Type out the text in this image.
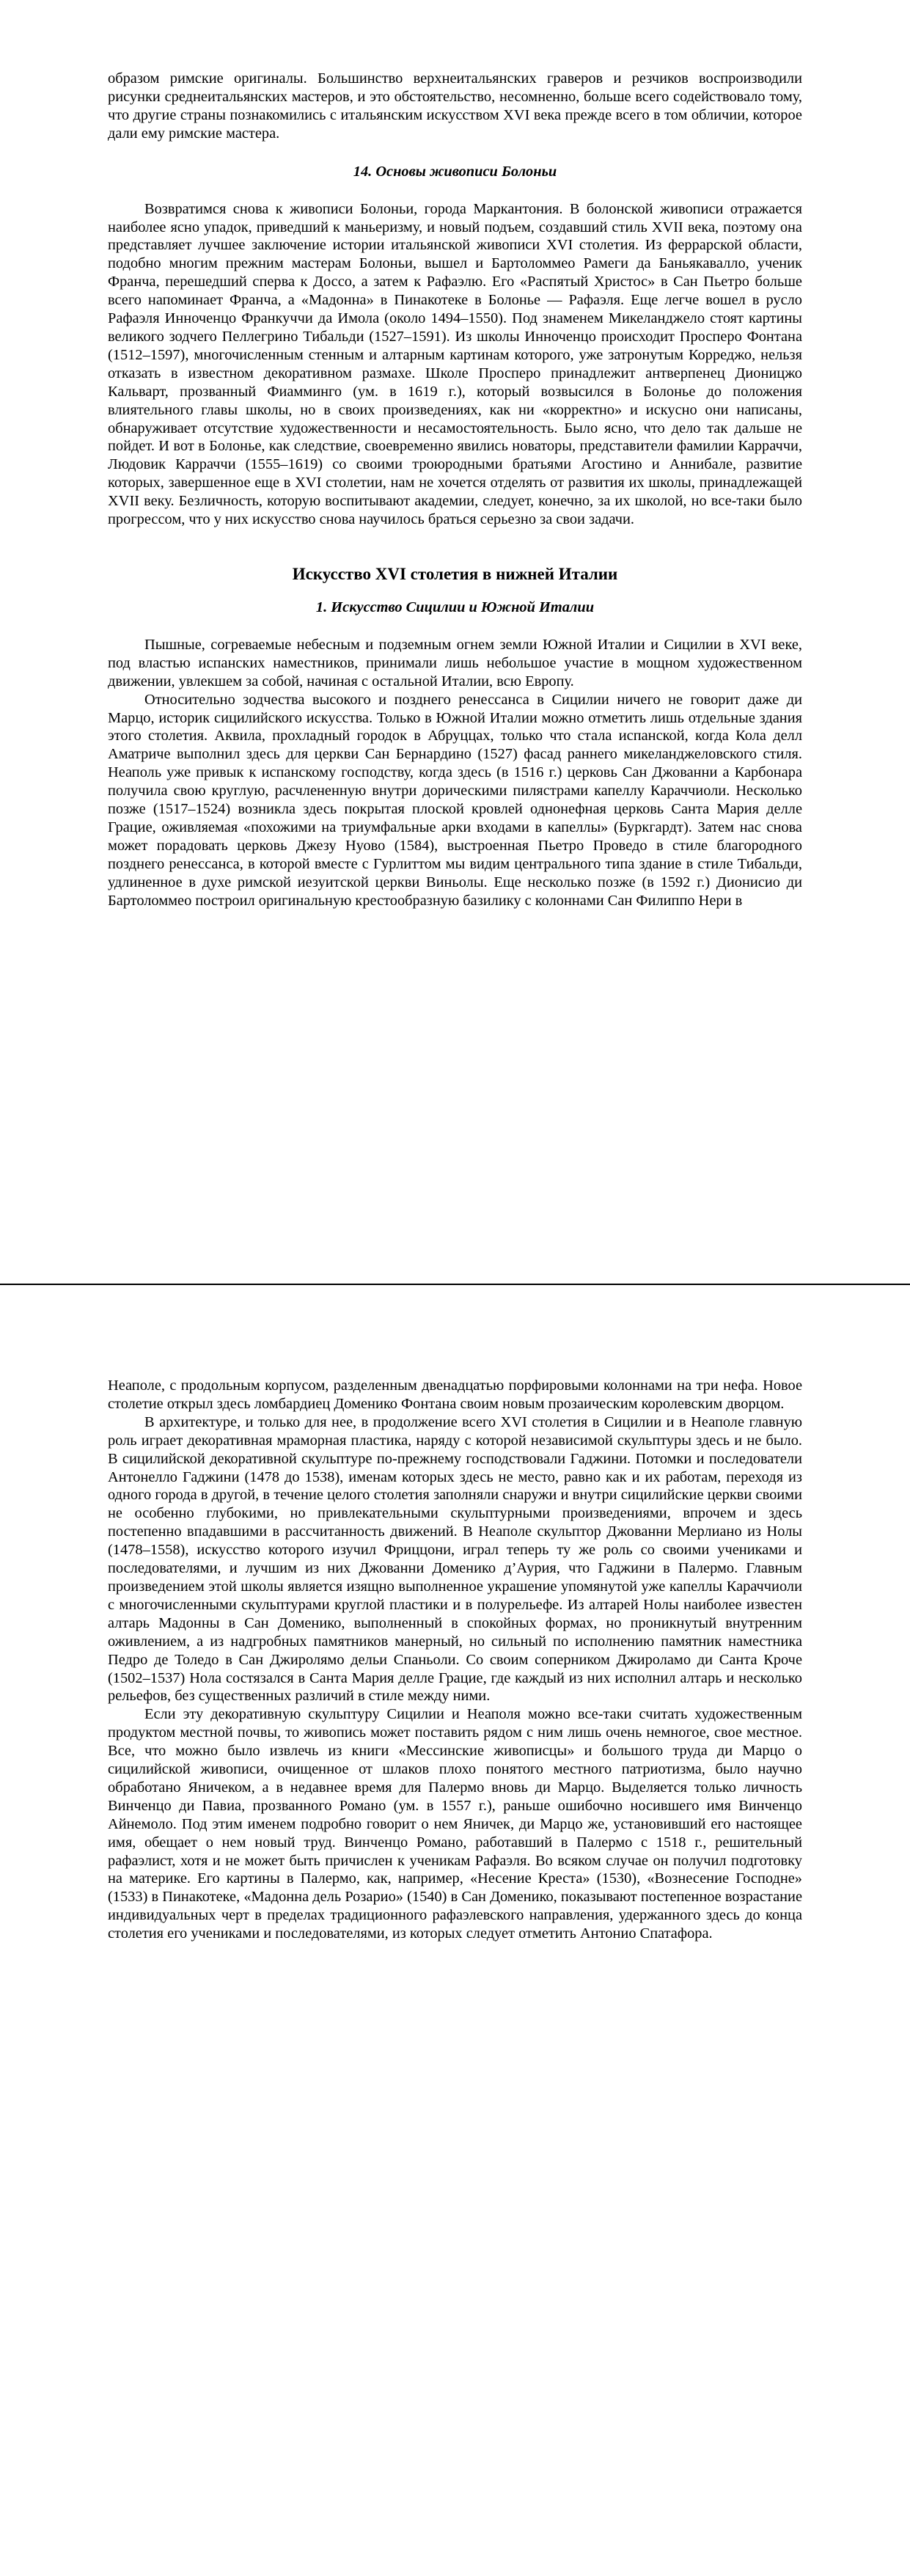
образом римские оригиналы. Большинство верхнеитальянских граверов и резчиков воспроизводили рисунки среднеитальянских мастеров, и это обстоятельство, несомненно, больше всего содействовало тому, что другие страны познакомились с итальянским искусством XVI века прежде всего в том обличии, которое дали ему римские мастера.

14. Основы живописи Болоньи

Возвратимся снова к живописи Болоньи, города Маркантония. В болонской живописи отражается наиболее ясно упадок, приведший к маньеризму, и новый подъем, создавший стиль XVII века, поэтому она представляет лучшее заключение истории итальянской живописи XVI столетия. Из феррарской области, подобно многим прежним мастерам Болоньи, вышел и Бартоломмео Рамеги да Баньякавалло, ученик Франча, перешедший сперва к Доссо, а затем к Рафаэлю. Его «Распятый Христос» в Сан Пьетро больше всего напоминает Франча, а «Мадонна» в Пинакотеке в Болонье — Рафаэля. Еще легче вошел в русло Рафаэля Инноченцо Франкуччи да Имола (около 1494–1550). Под знаменем Микеланджело стоят картины великого зодчего Пеллегрино Тибальди (1527–1591). Из школы Инноченцо происходит Просперо Фонтана (1512–1597), многочисленным стенным и алтарным картинам которого, уже затронутым Корреджо, нельзя отказать в известном декоративном размахе. Школе Просперо принадлежит антверпенец Дионицжо Кальварт, прозванный Фиамминго (ум. в 1619 г.), который возвысился в Болонье до положения влиятельного главы школы, но в своих произведениях, как ни «корректно» и искусно они написаны, обнаруживает отсутствие художественности и несамостоятельность. Было ясно, что дело так дальше не пойдет. И вот в Болонье, как следствие, своевременно явились новаторы, представители фамилии Карраччи, Людовик Карраччи (1555–1619) со своими троюродными братьями Агостино и Аннибале, развитие которых, завершенное еще в XVI столетии, нам не хочется отделять от развития их школы, принадлежащей XVII веку. Безличность, которую воспитывают академии, следует, конечно, за их школой, но все-таки было прогрессом, что у них искусство снова научилось браться серьезно за свои задачи.

Искусство XVI столетия в нижней Италии
1. Искусство Сицилии и Южной Италии

Пышные, согреваемые небесным и подземным огнем земли Южной Италии и Сицилии в XVI веке, под властью испанских наместников, принимали лишь небольшое участие в мощном художественном движении, увлекшем за собой, начиная с остальной Италии, всю Европу.

Относительно зодчества высокого и позднего ренессанса в Сицилии ничего не говорит даже ди Марцо, историк сицилийского искусства. Только в Южной Италии можно отметить лишь отдельные здания этого столетия. Аквила, прохладный городок в Абруццах, только что стала испанской, когда Кола делл Аматриче выполнил здесь для церкви Сан Бернардино (1527) фасад раннего микеланджеловского стиля. Неаполь уже привык к испанскому господству, когда здесь (в 1516 г.) церковь Сан Джованни а Карбонара получила свою круглую, расчлененную внутри дорическими пилястрами капеллу Караччиоли. Несколько позже (1517–1524) возникла здесь покрытая плоской кровлей однонефная церковь Санта Мария делле Грацие, оживляемая «похожими на триумфальные арки входами в капеллы» (Буркгардт). Затем нас снова может порадовать церковь Джезу Нуово (1584), выстроенная Пьетро Проведо в стиле благородного позднего ренессанса, в которой вместе с Гурлиттом мы видим центрального типа здание в стиле Тибальди, удлиненное в духе римской иезуитской церкви Виньолы. Еще несколько позже (в 1592 г.) Дионисио ди Бартоломмео построил оригинальную крестообразную базилику с колоннами Сан Филиппо Нери в

Неаполе, с продольным корпусом, разделенным двенадцатью порфировыми колоннами на три нефа. Новое столетие открыл здесь ломбардиец Доменико Фонтана своим новым прозаическим королевским дворцом.

В архитектуре, и только для нее, в продолжение всего XVI столетия в Сицилии и в Неаполе главную роль играет декоративная мраморная пластика, наряду с которой независимой скульптуры здесь и не было. В сицилийской декоративной скульптуре по-прежнему господствовали Гаджини. Потомки и последователи Антонелло Гаджини (1478 до 1538), именам которых здесь не место, равно как и их работам, переходя из одного города в другой, в течение целого столетия заполняли снаружи и внутри сицилийские церкви своими не особенно глубокими, но привлекательными скульптурными произведениями, впрочем и здесь постепенно впадавшими в рассчитанность движений. В Неаполе скульптор Джованни Мерлиано из Нолы (1478–1558), искусство которого изучил Фриццони, играл теперь ту же роль со своими учениками и последователями, и лучшим из них Джованни Доменико д’Аурия, что Гаджини в Палермо. Главным произведением этой школы является изящно выполненное украшение упомянутой уже капеллы Караччиоли с многочисленными скульптурами круглой пластики и в полурельефе. Из алтарей Нолы наиболее известен алтарь Мадонны в Сан Доменико, выполненный в спокойных формах, но проникнутый внутренним оживлением, а из надгробных памятников манерный, но сильный по исполнению памятник наместника Педро де Толедо в Сан Джиролямо дельи Спаньоли. Со своим соперником Джироламо ди Санта Кроче (1502–1537) Нола состязался в Санта Мария делле Грацие, где каждый из них исполнил алтарь и несколько рельефов, без существенных различий в стиле между ними.

Если эту декоративную скульптуру Сицилии и Неаполя можно все-таки считать художественным продуктом местной почвы, то живопись может поставить рядом с ним лишь очень немногое, свое местное. Все, что можно было извлечь из книги «Мессинские живописцы» и большого труда ди Марцо о сицилийской живописи, очищенное от шлаков плохо понятого местного патриотизма, было научно обработано Яничеком, а в недавнее время для Палермо вновь ди Марцо. Выделяется только личность Винченцо ди Павиа, прозванного Романо (ум. в 1557 г.), раньше ошибочно носившего имя Винченцо Айнемоло. Под этим именем подробно говорит о нем Яничек, ди Марцо же, установивший его настоящее имя, обещает о нем новый труд. Винченцо Романо, работавший в Палермо с 1518 г., решительный рафаэлист, хотя и не может быть причислен к ученикам Рафаэля. Во всяком случае он получил подготовку на материке. Его картины в Палермо, как, например, «Несение Креста» (1530), «Вознесение Господне» (1533) в Пинакотеке, «Мадонна дель Розарио» (1540) в Сан Доменико, показывают постепенное возрастание индивидуальных черт в пределах традиционного рафаэлевского направления, удержанного здесь до конца столетия его учениками и последователями, из которых следует отметить Антонио Спатафора.
